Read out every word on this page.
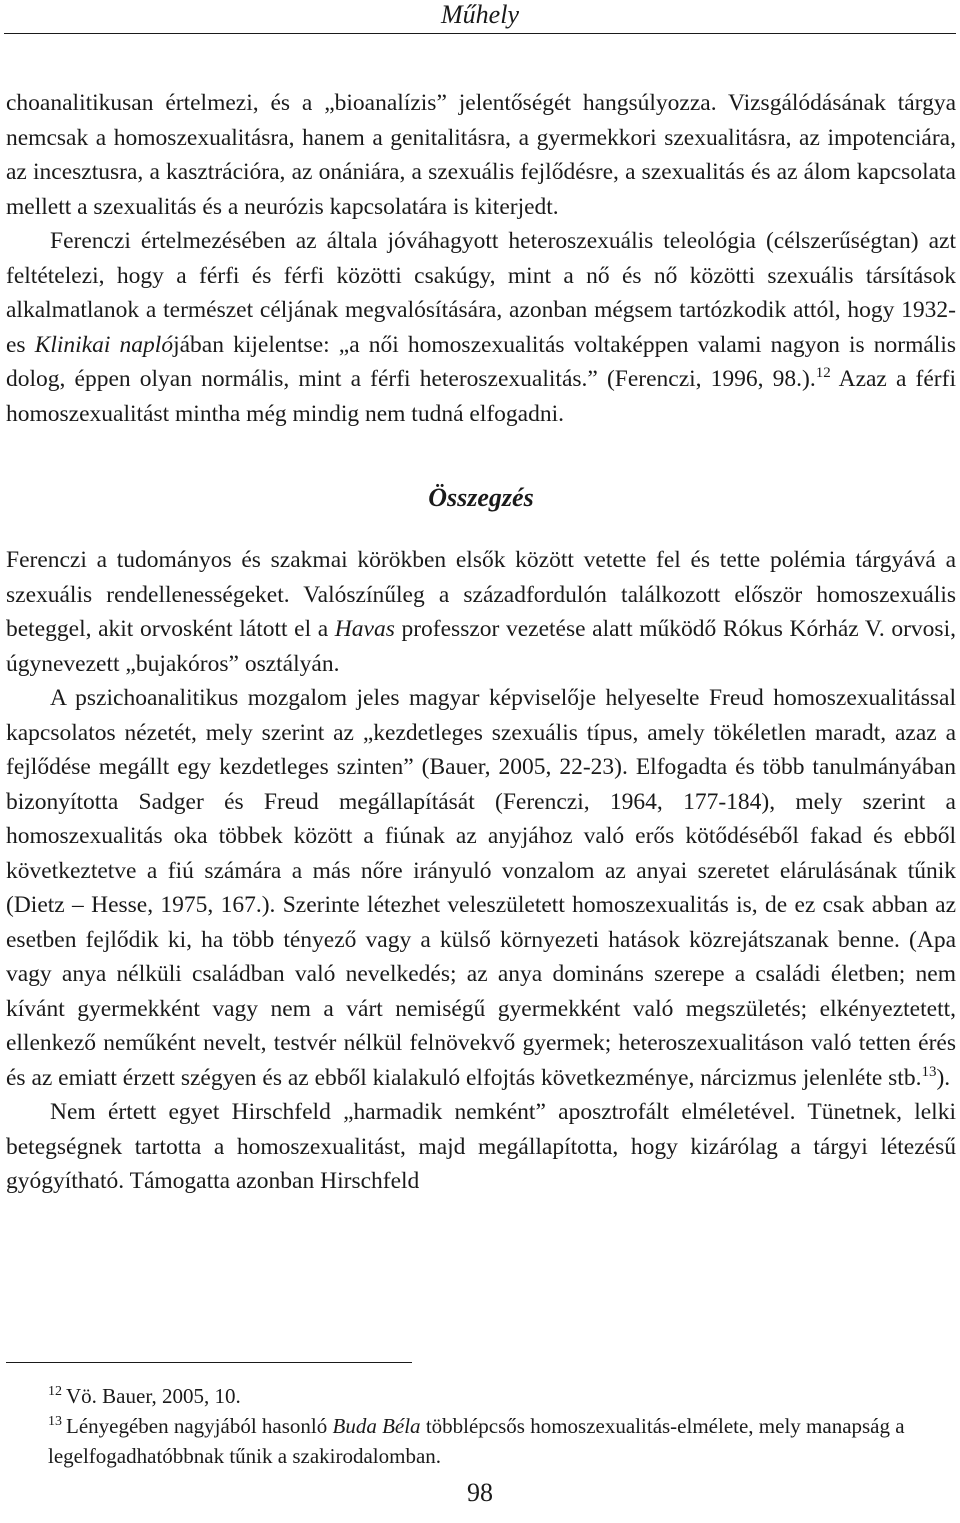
Műhely

choanalitikusan értelmezi, és a „bioanalízis” jelentőségét hangsúlyozza. Vizsgálódásának tárgya nemcsak a homoszexualitásra, hanem a genitalitásra, a gyermekkori szexualitásra, az impotenciára, az incesztusra, a kasztrációra, az onániára, a szexuális fejlődésre, a szexualitás és az álom kapcsolata mellett a szexualitás és a neurózis kapcsolatára is kiterjedt.

Ferenczi értelmezésében az általa jóváhagyott heteroszexuális teleológia (célszerűségtan) azt feltételezi, hogy a férfi és férfi közötti csakúgy, mint a nő és nő közötti szexuális társítások alkalmatlanok a természet céljának megvalósítására, azonban mégsem tartózkodik attól, hogy 1932-es Klinikai naplójában kijelentse: „a női homoszexualitás voltaképpen valami nagyon is normális dolog, éppen olyan normális, mint a férfi heteroszexualitás.” (Ferenczi, 1996, 98.).$^{12}$ Azaz a férfi homoszexualitást mintha még mindig nem tudná elfogadni.

Összegzés

Ferenczi a tudományos és szakmai körökben elsők között vetette fel és tette polémia tárgyává a szexuális rendellenességeket. Valószínűleg a századfordulón találkozott először homoszexuális beteggel, akit orvosként látott el a Havas professzor vezetése alatt működő Rókus Kórház V. orvosi, úgynevezett „bujakóros” osztályán.

A pszichoanalitikus mozgalom jeles magyar képviselője helyeselte Freud homoszexualitással kapcsolatos nézetét, mely szerint az „kezdetleges szexuális típus, amely tökéletlen maradt, azaz a fejlődése megállt egy kezdetleges szinten” (Bauer, 2005, 22-23). Elfogadta és több tanulmányában bizonyította Sadger és Freud megállapítását (Ferenczi, 1964, 177-184), mely szerint a homoszexualitás oka többek között a fiúnak az anyjához való erős kötődéséből fakad és ebből következtetve a fiú számára a más nőre irányuló vonzalom az anyai szeretet elárulásának tűnik (Dietz – Hesse, 1975, 167.). Szerinte létezhet veleszületett homoszexualitás is, de ez csak abban az esetben fejlődik ki, ha több tényező vagy a külső környezeti hatások közrejátszanak benne. (Apa vagy anya nélküli családban való nevelkedés; az anya domináns szerepe a családi életben; nem kívánt gyermekként vagy nem a várt nemiségű gyermekként való megszületés; elkényeztetett, ellenkező neműként nevelt, testvér nélkül felnövekvő gyermek; heteroszexualitáson való tetten érés és az emiatt érzett szégyen és az ebből kialakuló elfojtás következménye, nárcizmus jelenléte stb.$^{13}$).

Nem értett egyet Hirschfeld „harmadik nemként” aposztrofált elméletével. Tünetnek, lelki betegségnek tartotta a homoszexualitást, majd megállapította, hogy kizárólag a tárgyi létezésű gyógyítható. Támogatta azonban Hirschfeld

$^{12}$ Vö. Bauer, 2005, 10.

$^{13}$ Lényegében nagyjából hasonló Buda Béla többlépcsős homoszexualitás-elmélete, mely manapság a legelfogadhatóbbnak tűnik a szakirodalomban.

98
